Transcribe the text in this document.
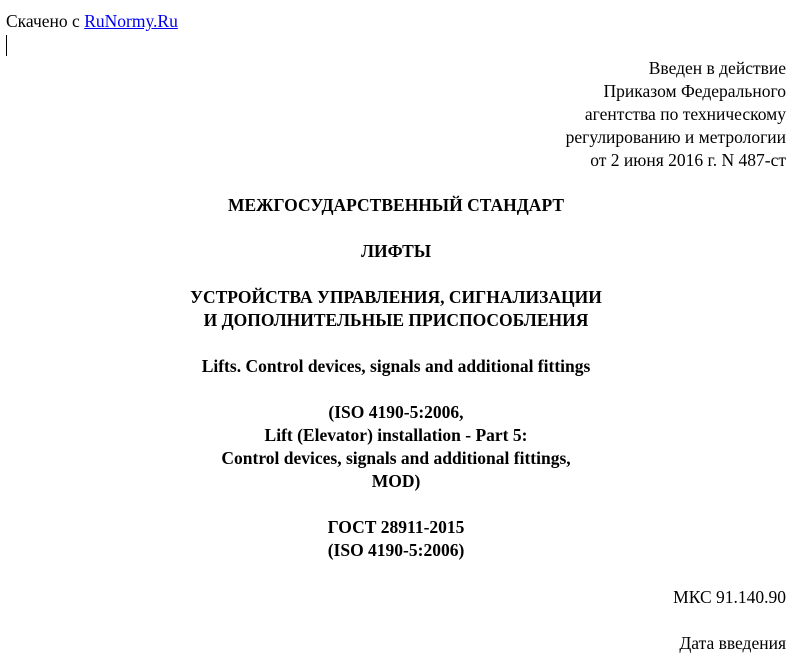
Скачено с RuNormy.Ru
Введен в действие
Приказом Федерального
агентства по техническому
регулированию и метрологии
от 2 июня 2016 г. N 487-ст
МЕЖГОСУДАРСТВЕННЫЙ СТАНДАРТ
ЛИФТЫ
УСТРОЙСТВА УПРАВЛЕНИЯ, СИГНАЛИЗАЦИИ
И ДОПОЛНИТЕЛЬНЫЕ ПРИСПОСОБЛЕНИЯ
Lifts. Control devices, signals and additional fittings
(ISO 4190-5:2006,
Lift (Elevator) installation - Part 5:
Control devices, signals and additional fittings,
MOD)
ГОСТ 28911-2015
(ISO 4190-5:2006)
МКС 91.140.90
Дата введения
